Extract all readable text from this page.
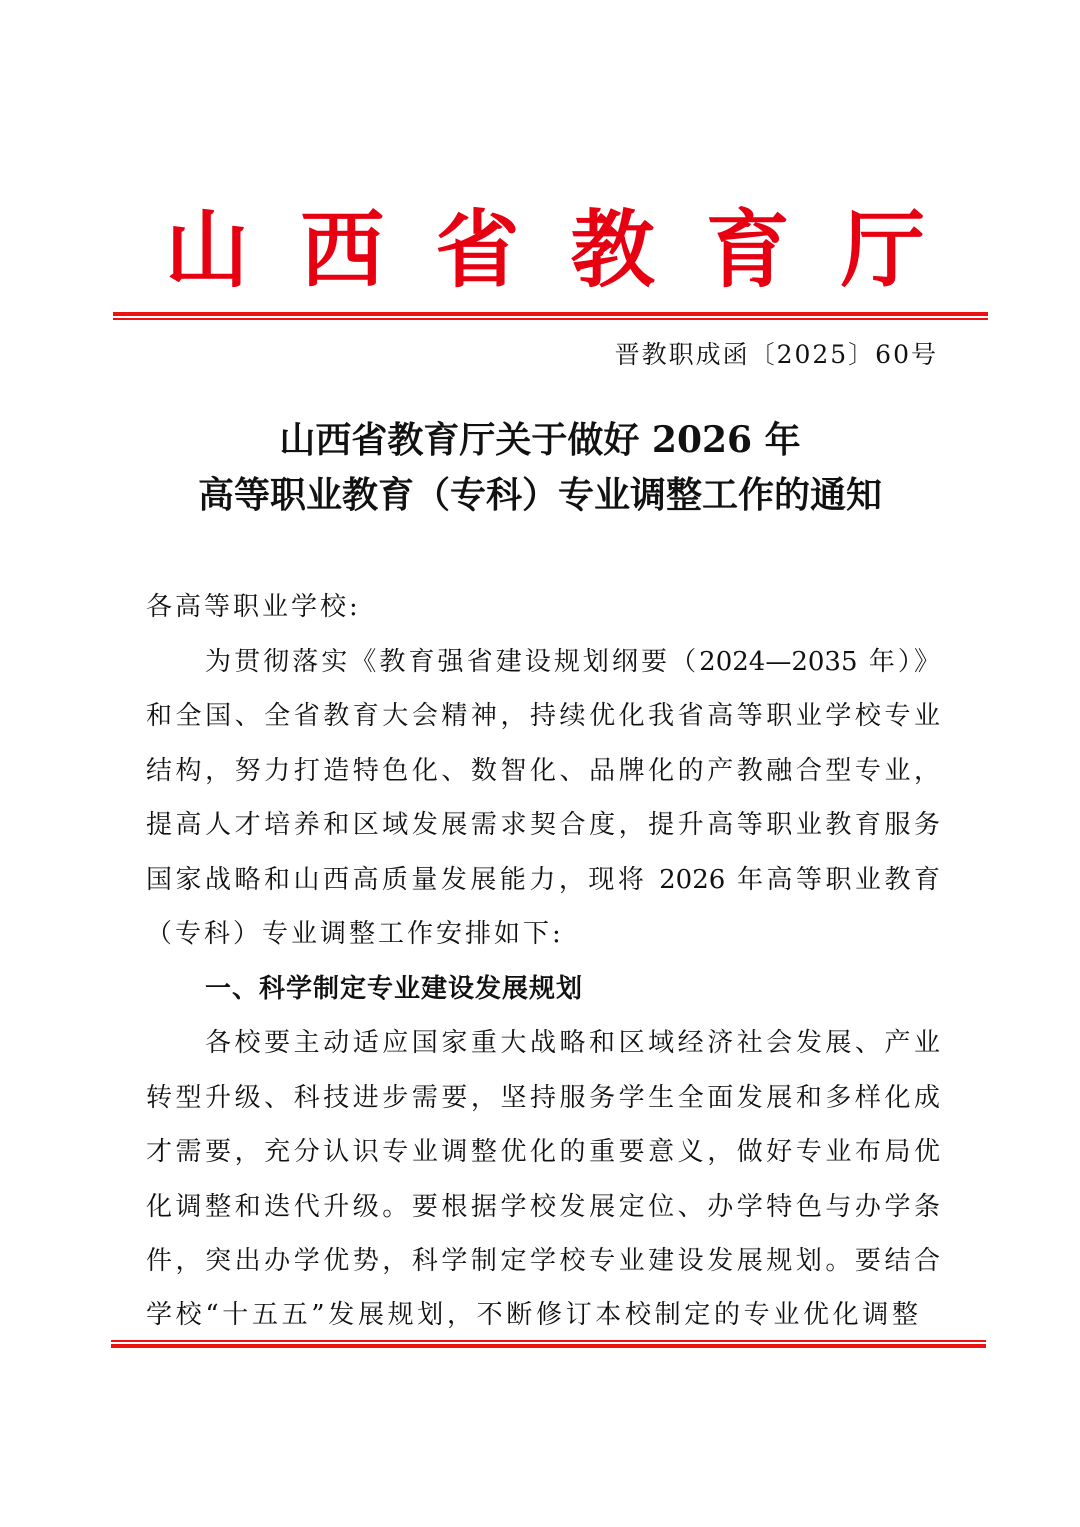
山 西 省 教 育 厅
晋教职成函〔2025〕60号
山西省教育厅关于做好 2026 年
高等职业教育（专科）专业调整工作的通知
各高等职业学校:
为贯彻落实《教育强省建设规划纲要（2024—2035 年）》
和全国、全省教育大会精神，持续优化我省高等职业学校专业
结构，努力打造特色化、数智化、品牌化的产教融合型专业，
提高人才培养和区域发展需求契合度，提升高等职业教育服务
国家战略和山西高质量发展能力，现将 2026 年高等职业教育
（专科）专业调整工作安排如下:
一、科学制定专业建设发展规划
各校要主动适应国家重大战略和区域经济社会发展、产业
转型升级、科技进步需要，坚持服务学生全面发展和多样化成
才需要，充分认识专业调整优化的重要意义，做好专业布局优
化调整和迭代升级。要根据学校发展定位、办学特色与办学条
件，突出办学优势，科学制定学校专业建设发展规划。要结合
学校“十五五”发展规划，不断修订本校制定的专业优化调整
